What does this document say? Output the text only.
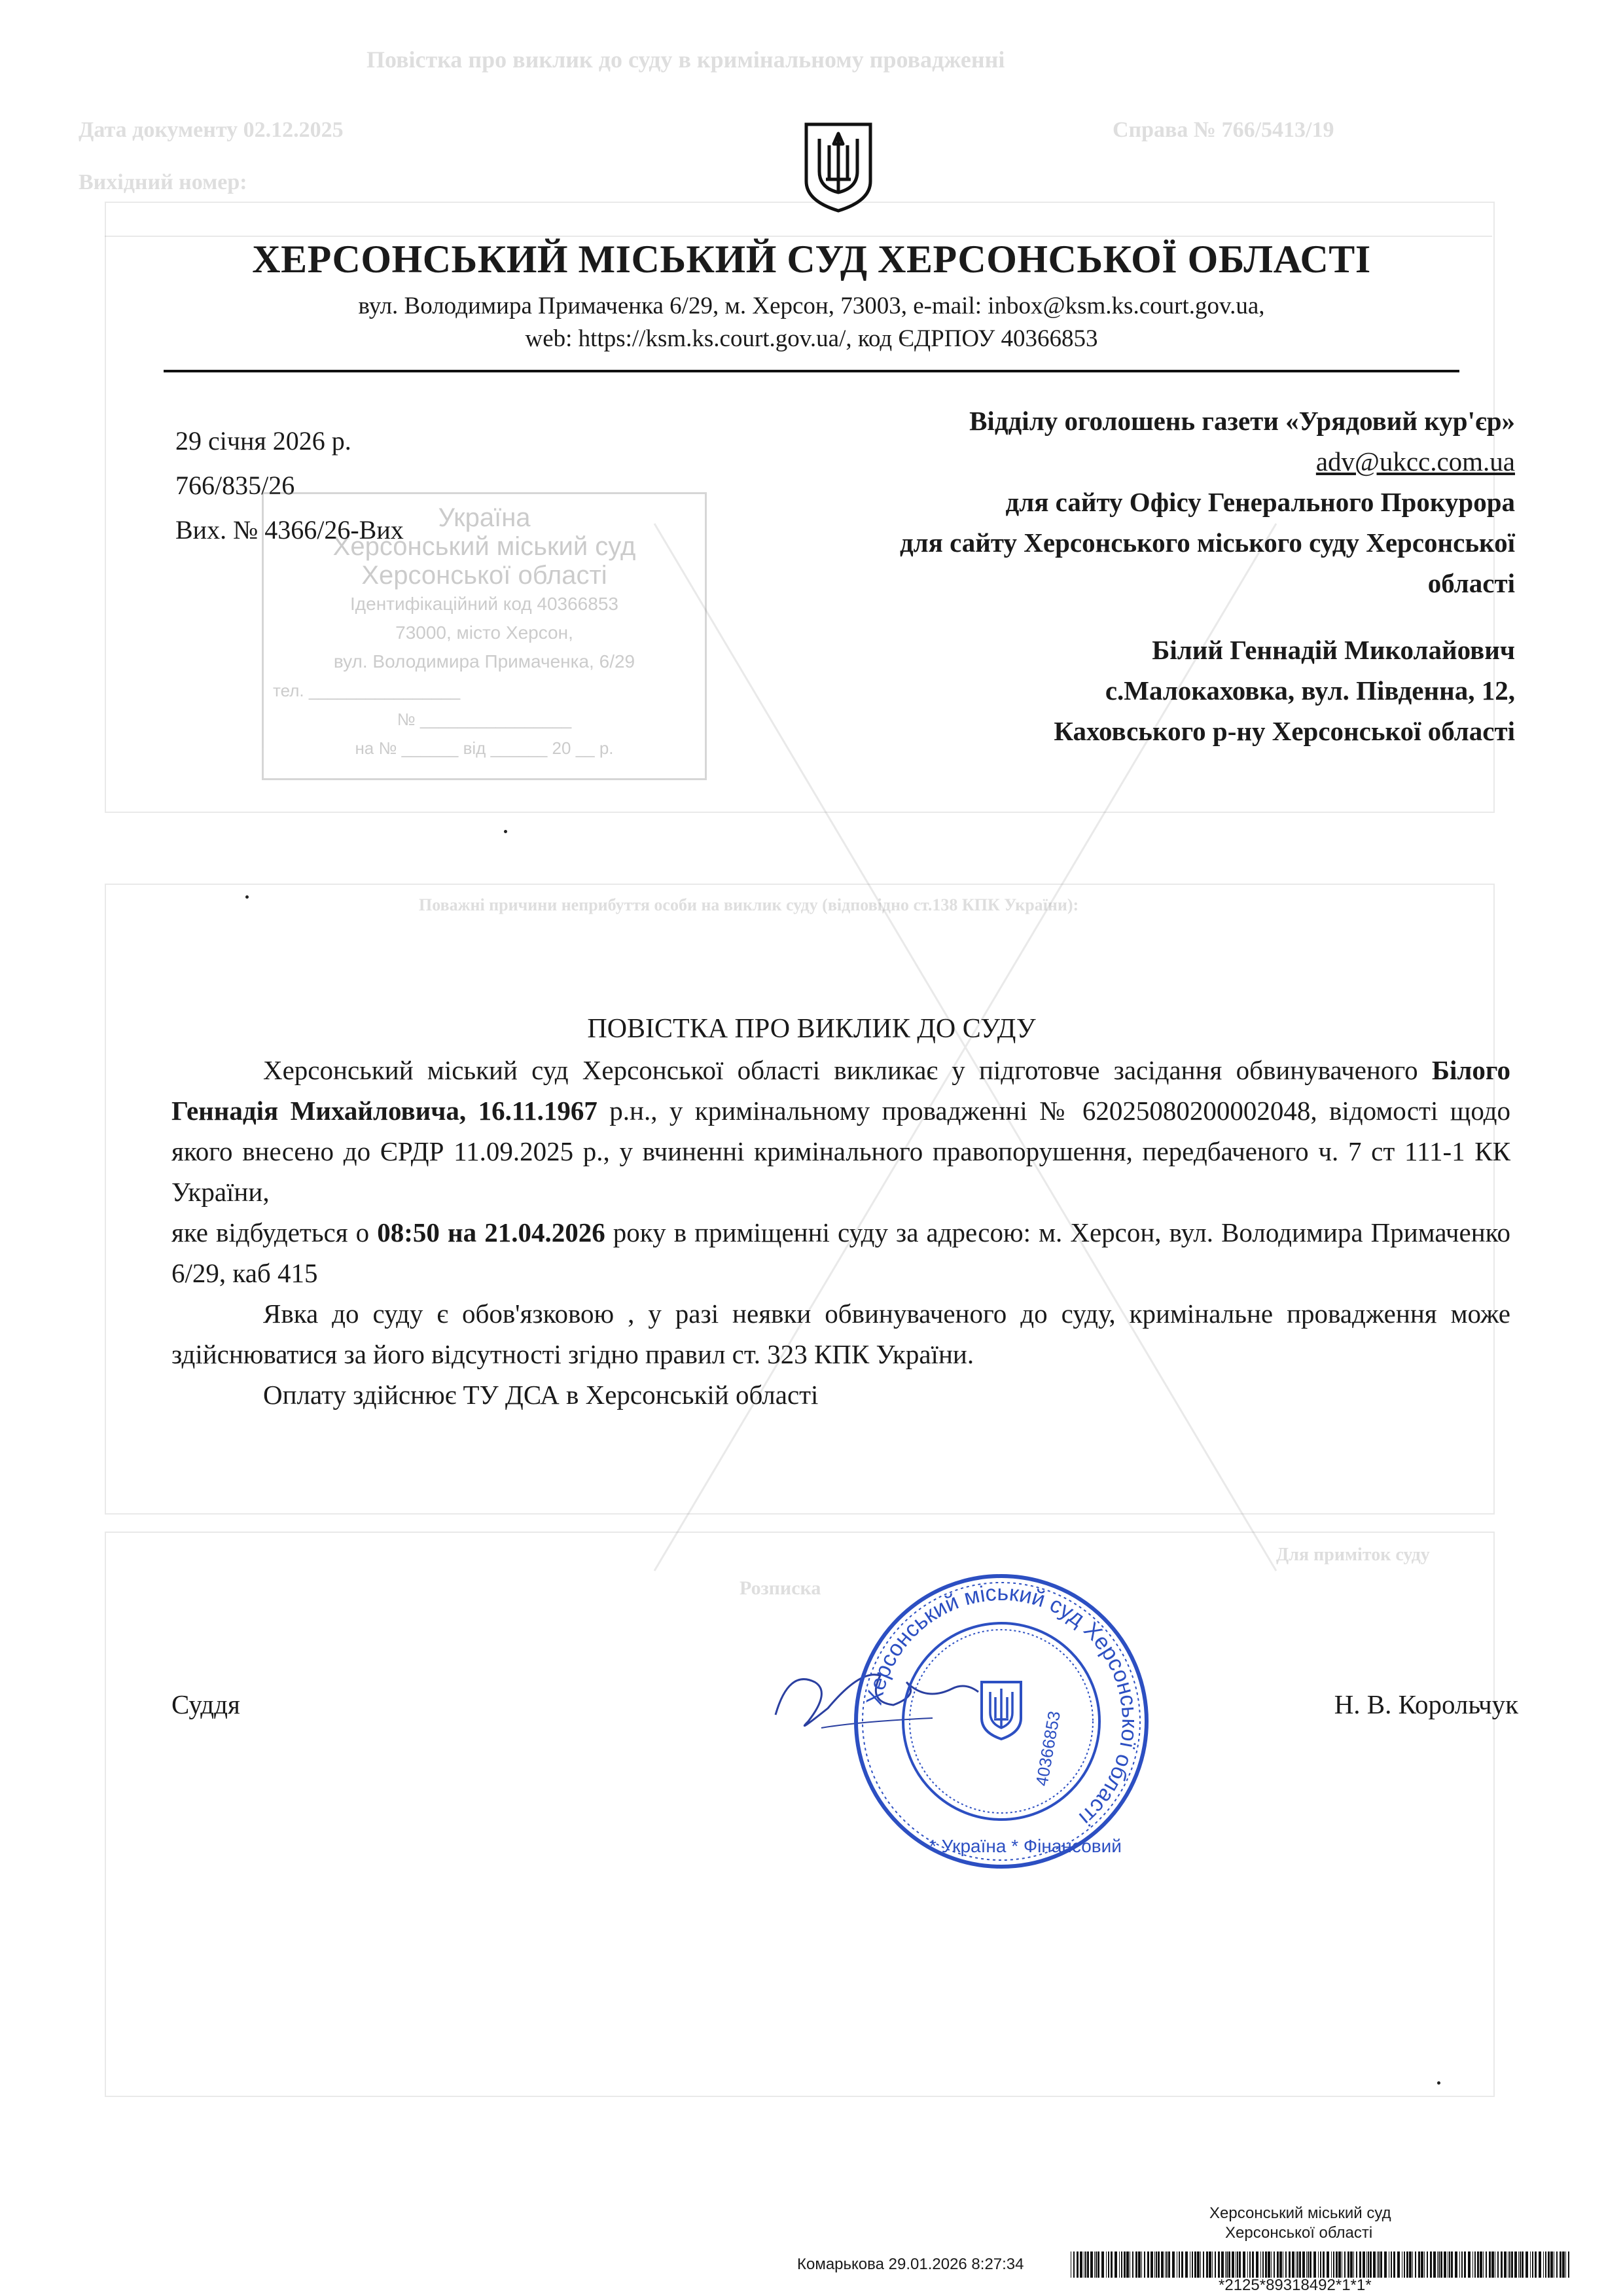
Повістка про виклик до суду в кримінальному провадженні
Дата документу 02.12.2025	Справа № 766/5413/19
Вихідний номер:
Поважні причини неприбуття особи на виклик суду (відповідно ст.138 КПК України):
Розписка
Для приміток суду
ХЕРСОНСЬКИЙ МІСЬКИЙ СУД ХЕРСОНСЬКОЇ ОБЛАСТІ
вул. Володимира Примаченка 6/29, м. Херсон, 73003, e-mail: inbox@ksm.ks.court.gov.ua,
web: https://ksm.ks.court.gov.ua/, код ЄДРПОУ 40366853
29 січня 2026 р.
766/835/26
Вих. № 4366/26-Вих	Україна
Херсонський міський суд
Херсонської області
Ідентифікаційний код 40366853
73000, місто Херсон,
вул. Володимира Примаченка, 6/29
тел. ________________
№ ________________
на № ______ від ______ 20 __ р.
Відділу оголошень газети «Урядовий кур'єр»
adv@ukcc.com.ua
для сайту Офісу Генерального Прокурора
для сайту Херсонського міського суду Херсонської
області
Білий Геннадій Миколайович
с.Малокаховка, вул. Південна, 12,
Каховського р-ну Херсонської області
ПОВІСТКА ПРО ВИКЛИК ДО СУДУ
Херсонський міський суд Херсонської області викликає у підготовче засідання обвинуваченого Білого Геннадія Михайловича, 16.11.1967 р.н., у кримінальному провадженні № 62025080200002048, відомості щодо якого внесено до ЄРДР 11.09.2025 р., у вчиненні кримінального правопорушення, передбаченого ч. 7 ст 111-1 КК України,
яке відбудеться о 08:50 на 21.04.2026 року в приміщенні суду за адресою: м. Херсон, вул. Володимира Примаченко 6/29, каб 415
Явка до суду є обов'язковою , у разі неявки обвинуваченого до суду, кримінальне провадження може здійснюватися за його відсутності згідно правил ст. 323 КПК України.
Оплату здійснює ТУ ДСА в Херсонській області
Суддя	Н. В. Корольчук
Херсонський міський суд Херсонської області
* Україна * Фінансовий
40366853
Херсонський міський суд
Херсонської області
Комарькова 29.01.2026 8:27:34
*2125*89318492*1*1*
